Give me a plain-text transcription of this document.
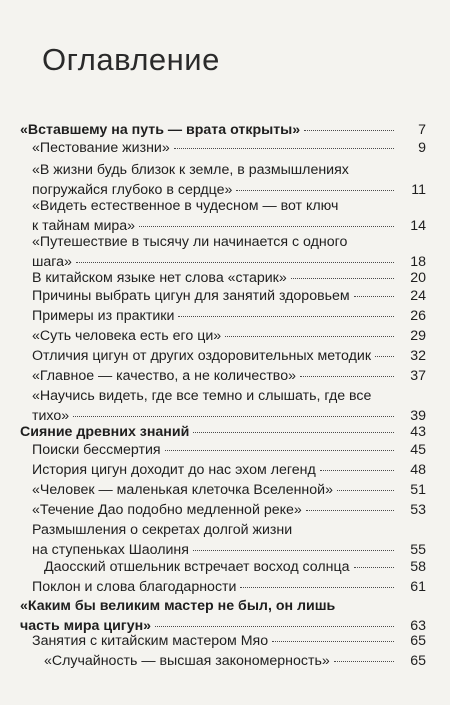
Оглавление
«Вставшему на путь — врата открыты»	7
«Пестование жизни»	9
«В жизни будь близок к земле, в размышлениях
погружайся глубоко в сердце»	11
«Видеть естественное в чудесном — вот ключ
к тайнам мира»	14
«Путешествие в тысячу ли начинается с одного
шага»	18
В китайском языке нет слова «старик»	20
Причины выбрать цигун для занятий здоровьем	24
Примеры из практики	26
«Суть человека есть его ци»	29
Отличия цигун от других оздоровительных методик	32
«Главное — качество, а не количество»	37
«Научись видеть, где все темно и слышать, где все
тихо»	39
Сияние древних знаний	43
Поиски бессмертия	45
История цигун доходит до нас эхом легенд	48
«Человек — маленькая клеточка Вселенной»	51
«Течение Дао подобно медленной реке»	53
Размышления о секретах долгой жизни
на ступеньках Шаолиня	55
Даосский отшельник встречает восход солнца	58
Поклон и слова благодарности	61
«Каким бы великим мастер не был, он лишь
часть мира цигун»	63
Занятия с китайским мастером Мяо	65
«Случайность — высшая закономерность»	65
